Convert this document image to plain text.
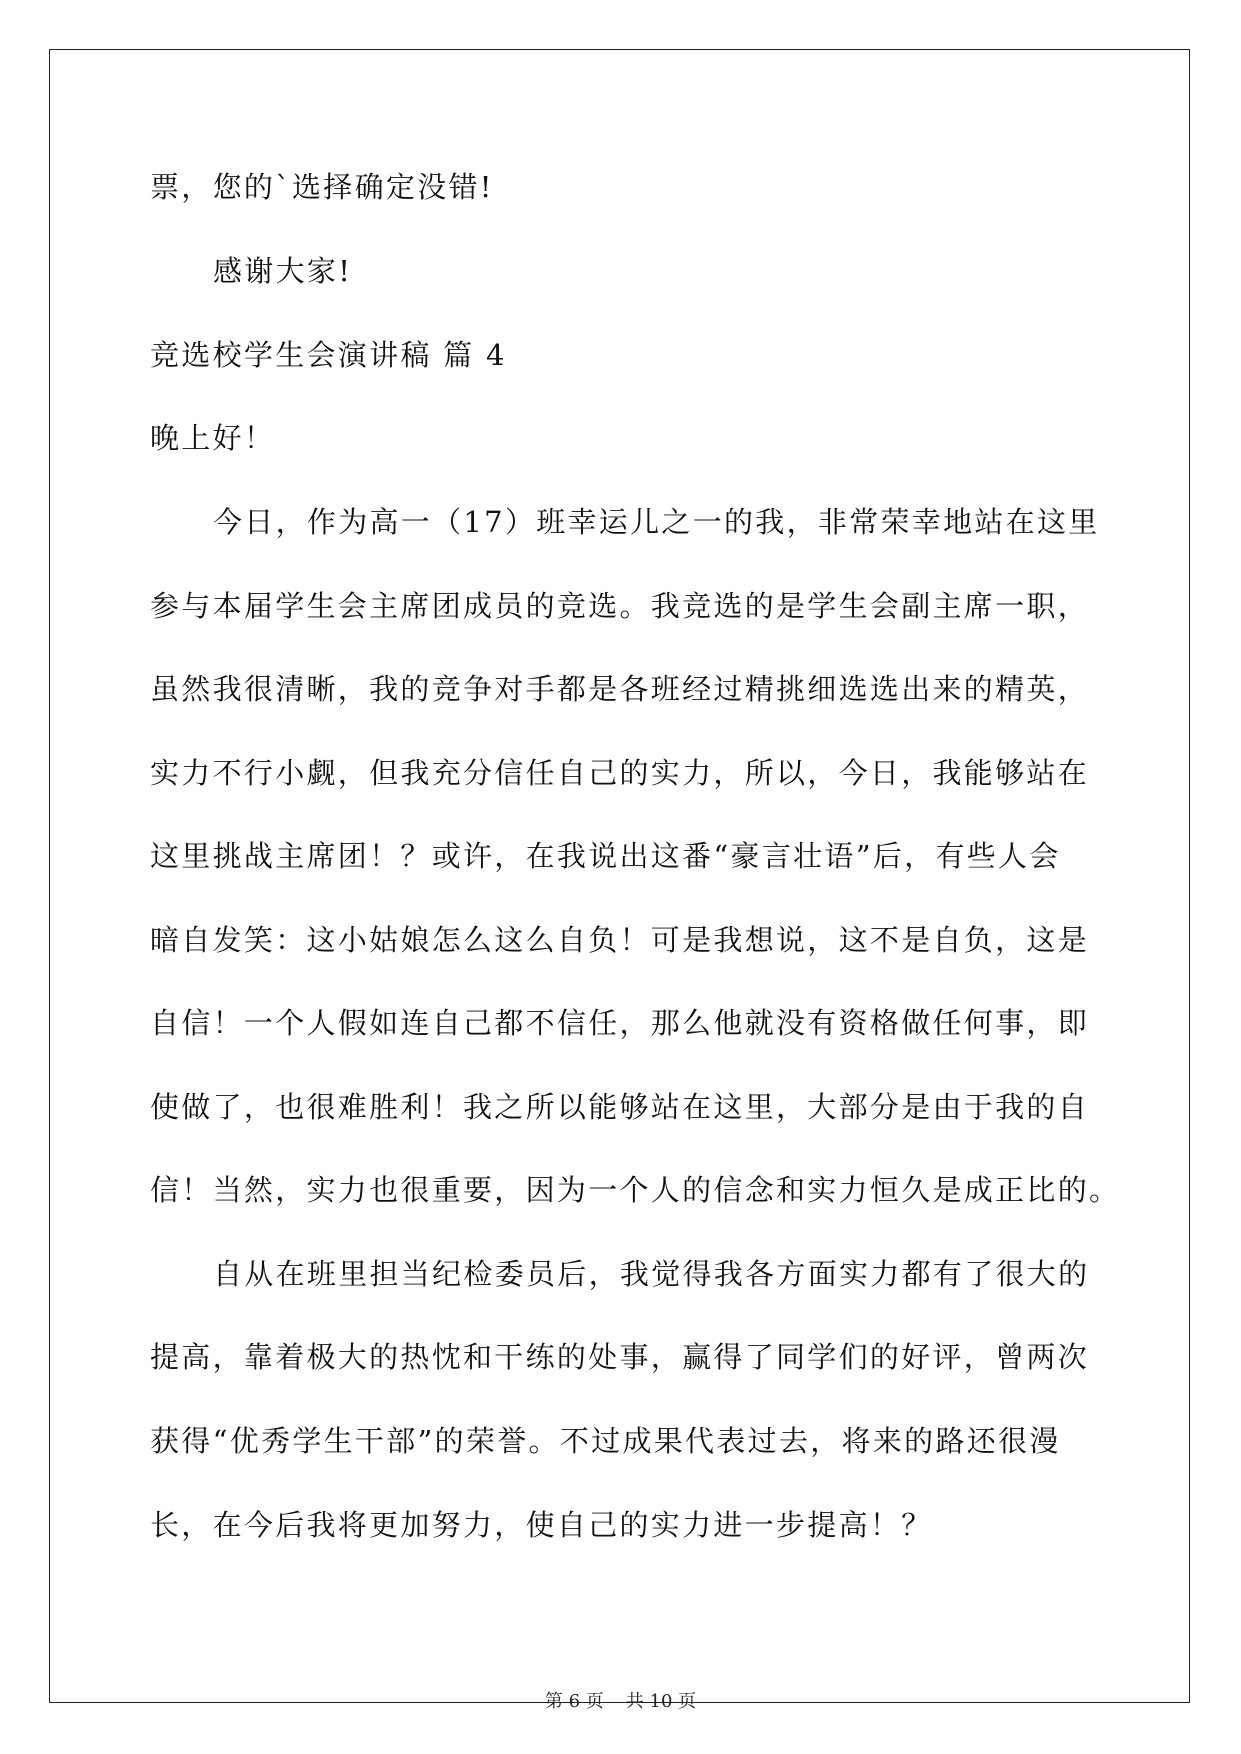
票，您的`选择确定没错!
感谢大家!
竞选校学生会演讲稿 篇 4
晚上好！
今日，作为高一（17）班幸运儿之一的我，非常荣幸地站在这里
参与本届学生会主席团成员的竞选。我竞选的是学生会副主席一职，
虽然我很清晰，我的竞争对手都是各班经过精挑细选选出来的精英，
实力不行小觑，但我充分信任自己的实力，所以，今日，我能够站在
这里挑战主席团！？或许，在我说出这番“豪言壮语”后，有些人会
暗自发笑：这小姑娘怎么这么自负！可是我想说，这不是自负，这是
自信！一个人假如连自己都不信任，那么他就没有资格做任何事，即
使做了，也很难胜利！我之所以能够站在这里，大部分是由于我的自
信！当然，实力也很重要，因为一个人的信念和实力恒久是成正比的。
自从在班里担当纪检委员后，我觉得我各方面实力都有了很大的
提高，靠着极大的热忱和干练的处事，赢得了同学们的好评，曾两次
获得“优秀学生干部”的荣誉。不过成果代表过去，将来的路还很漫
长，在今后我将更加努力，使自己的实力进一步提高！？
第 6 页 共 10 页
